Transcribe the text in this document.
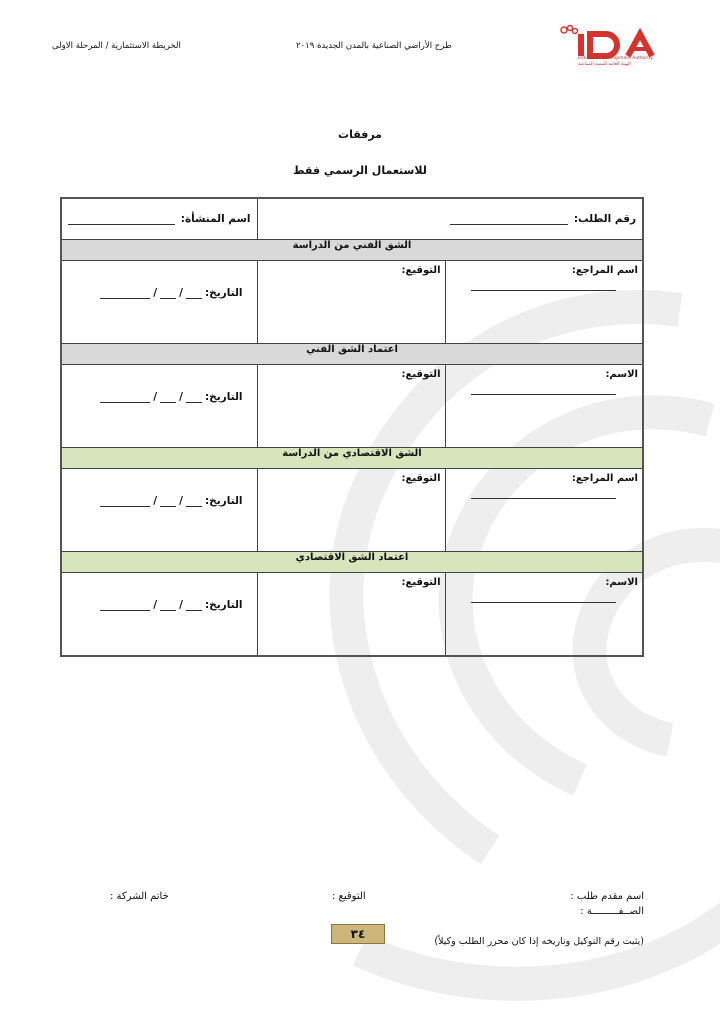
الخريطة الاستثمارية / المرحلة الاولى	طرح الأراضي الصناعية بالمدن الجديدة ٢٠١٩
Industrial Development Authority
الهيئة العامة للتنمية الصناعية
مرفقات
للاستعمال الرسمي فقط
رقم الطلب:		اسم المنشأة:

الشق الفني من الدراسة		

اسم المراجع:	التوقيع:	التاريخ:
/
/

اعتماد الشق الفني		

الاسم:	التوقيع:	التاريخ:
/
/

الشق الاقتصادي من الدراسة		

اسم المراجع:	التوقيع:	التاريخ:
/
/

اعتماد الشق الاقتصادي		

الاسم:	التوقيع:	التاريخ:
/
/
اسم مقدم طلب :
الصــفـــــــــة :
التوقيع :
خاتم الشركة :
٣٤
(يثبت رقم التوكيل وتاريخه إذا كان محرر الطلب وكيلاً)
